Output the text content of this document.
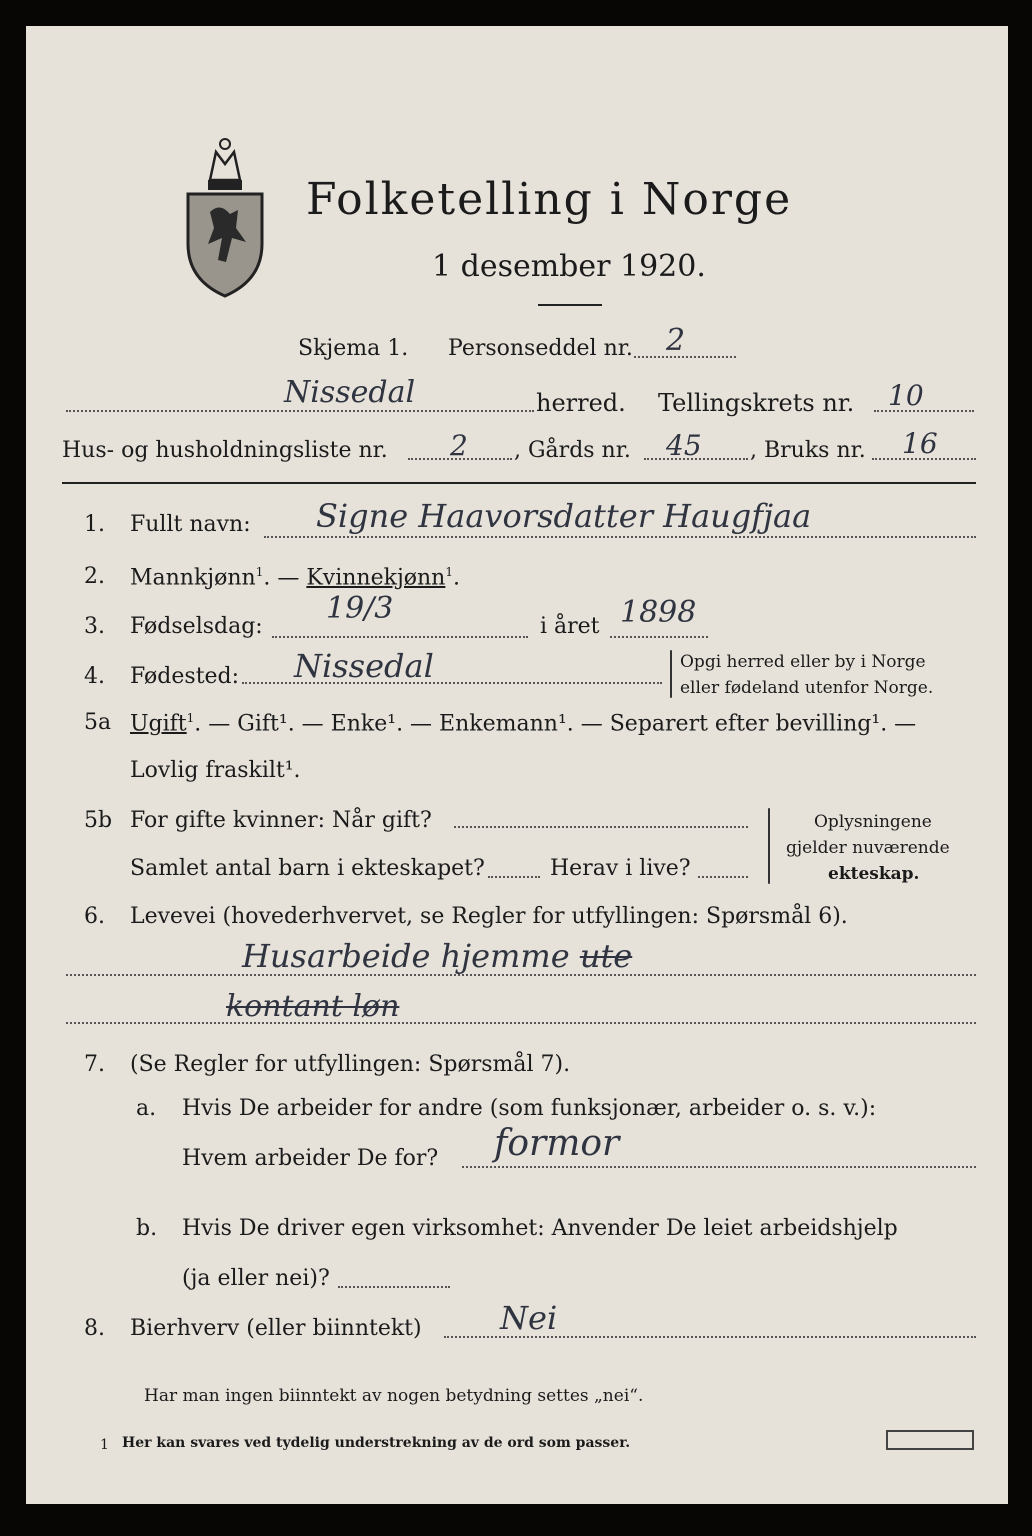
Folketelling i Norge
1 desember 1920.
Skjema 1. Personseddel nr. 2
Nissedal	herred. Tellingskrets nr. 10
Hus- og husholdningsliste nr. 2 , Gårds nr. 45 , Bruks nr. 16
1. Fullt navn: Signe Haavorsdatter Haugfjaa
2. Mannkjønn$^1$. — Kvinnekjønn$^1$.
3. Fødselsdag:
19/3
i året 1898
4. Fødested: Nissedal	Opgi herred eller by i Norge
eller fødeland utenfor Norge.
5a Ugift$^1$. — Gift¹. — Enke¹. — Enkemann¹. — Separert efter bevilling¹. —
Lovlig fraskilt¹.
5b For gifte kvinner: Når gift?
Samlet antal barn i ekteskapet?	Herav i live?
Oplysningene
gjelder nuværende
ekteskap.
6. Levevei (hovederhvervet, se Regler for utfyllingen: Spørsmål 6).
Husarbeide hjemme ute
kontant løn
7. (Se Regler for utfyllingen: Spørsmål 7).
a. Hvis De arbeider for andre (som funksjonær, arbeider o. s. v.):
Hvem arbeider De for? formor
b. Hvis De driver egen virksomhet: Anvender De leiet arbeidshjelp
(ja eller nei)?
8. Bierhverv (eller biinntekt) Nei
Har man ingen biinntekt av nogen betydning settes „nei“.
1 Her kan svares ved tydelig understrekning av de ord som passer.
